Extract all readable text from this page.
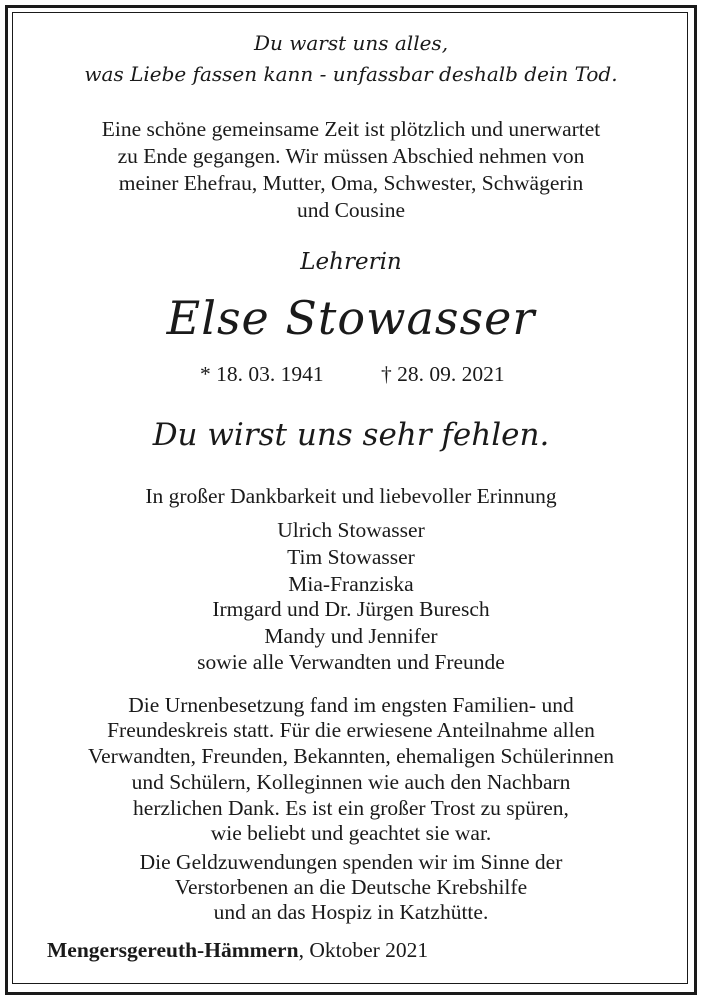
Du warst uns alles,
was Liebe fassen kann - unfassbar deshalb dein Tod.
Eine schöne gemeinsame Zeit ist plötzlich und unerwartet
zu Ende gegangen. Wir müssen Abschied nehmen von
meiner Ehefrau, Mutter, Oma, Schwester, Schwägerin
und Cousine
Lehrerin
Else Stowasser
* 18. 03. 1941	† 28. 09. 2021
Du wirst uns sehr fehlen.
In großer Dankbarkeit und liebevoller Erinnung
Ulrich Stowasser
Tim Stowasser
Mia-Franziska
Irmgard und Dr. Jürgen Buresch
Mandy und Jennifer
sowie alle Verwandten und Freunde
Die Urnenbesetzung fand im engsten Familien- und
Freundeskreis statt. Für die erwiesene Anteilnahme allen
Verwandten, Freunden, Bekannten, ehemaligen Schülerinnen
und Schülern, Kolleginnen wie auch den Nachbarn
herzlichen Dank. Es ist ein großer Trost zu spüren,
wie beliebt und geachtet sie war.
Die Geldzuwendungen spenden wir im Sinne der
Verstorbenen an die Deutsche Krebshilfe
und an das Hospiz in Katzhütte.
Mengersgereuth-Hämmern, Oktober 2021
